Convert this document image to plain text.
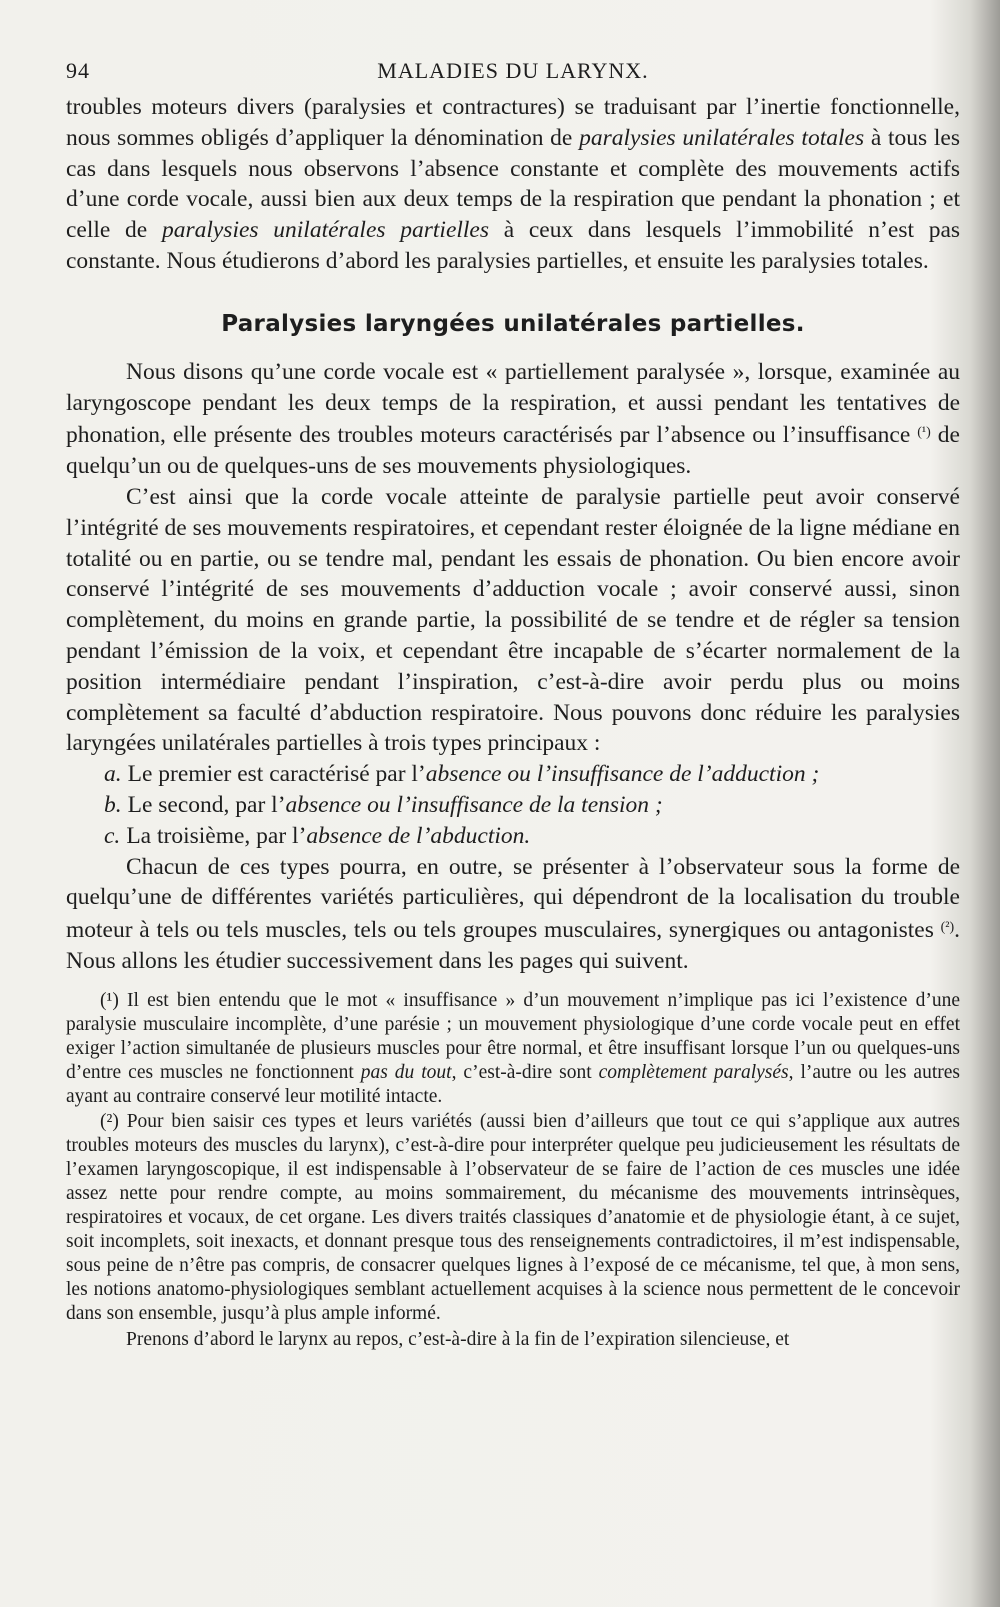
94	MALADIES DU LARYNX.

troubles moteurs divers (paralysies et contractures) se traduisant par l’inertie fonctionnelle, nous sommes obligés d’appliquer la dénomination de paralysies unilatérales totales à tous les cas dans lesquels nous observons l’absence constante et complète des mouvements actifs d’une corde vocale, aussi bien aux deux temps de la respiration que pendant la phonation ; et celle de paralysies unilatérales partielles à ceux dans lesquels l’immobilité n’est pas constante. Nous étudierons d’abord les paralysies partielles, et ensuite les paralysies totales.

Paralysies laryngées unilatérales partielles.

Nous disons qu’une corde vocale est « partiellement paralysée », lorsque, examinée au laryngoscope pendant les deux temps de la respiration, et aussi pendant les tentatives de phonation, elle présente des troubles moteurs caractérisés par l’absence ou l’insuffisance $^{(^1)}$ de quelqu’un ou de quelques-uns de ses mouvements physiologiques.

C’est ainsi que la corde vocale atteinte de paralysie partielle peut avoir conservé l’intégrité de ses mouvements respiratoires, et cependant rester éloignée de la ligne médiane en totalité ou en partie, ou se tendre mal, pendant les essais de phonation. Ou bien encore avoir conservé l’intégrité de ses mouvements d’adduction vocale ; avoir conservé aussi, sinon complètement, du moins en grande partie, la possibilité de se tendre et de régler sa tension pendant l’émission de la voix, et cependant être incapable de s’écarter normalement de la position intermédiaire pendant l’inspiration, c’est-à-dire avoir perdu plus ou moins complètement sa faculté d’abduction respiratoire. Nous pouvons donc réduire les paralysies laryngées unilatérales partielles à trois types principaux :

a. Le premier est caractérisé par l’absence ou l’insuffisance de l’adduction ;
b. Le second, par l’absence ou l’insuffisance de la tension ;
c. La troisième, par l’absence de l’abduction.

Chacun de ces types pourra, en outre, se présenter à l’observateur sous la forme de quelqu’une de différentes variétés particulières, qui dépendront de la localisation du trouble moteur à tels ou tels muscles, tels ou tels groupes musculaires, synergiques ou antagonistes $^{(^2)}$. Nous allons les étudier successivement dans les pages qui suivent.

(¹) Il est bien entendu que le mot « insuffisance » d’un mouvement n’implique pas ici l’existence d’une paralysie musculaire incomplète, d’une parésie ; un mouvement physiologique d’une corde vocale peut en effet exiger l’action simultanée de plusieurs muscles pour être normal, et être insuffisant lorsque l’un ou quelques-uns d’entre ces muscles ne fonctionnent pas du tout, c’est-à-dire sont complètement paralysés, l’autre ou les autres ayant au contraire conservé leur motilité intacte.

(²) Pour bien saisir ces types et leurs variétés (aussi bien d’ailleurs que tout ce qui s’applique aux autres troubles moteurs des muscles du larynx), c’est-à-dire pour interpréter quelque peu judicieusement les résultats de l’examen laryngoscopique, il est indispensable à l’observateur de se faire de l’action de ces muscles une idée assez nette pour rendre compte, au moins sommairement, du mécanisme des mouvements intrinsèques, respiratoires et vocaux, de cet organe. Les divers traités classiques d’anatomie et de physiologie étant, à ce sujet, soit incomplets, soit inexacts, et donnant presque tous des renseignements contradictoires, il m’est indispensable, sous peine de n’être pas compris, de consacrer quelques lignes à l’exposé de ce mécanisme, tel que, à mon sens, les notions anatomo-physiologiques semblant actuellement acquises à la science nous permettent de le concevoir dans son ensemble, jusqu’à plus ample informé.

Prenons d’abord le larynx au repos, c’est-à-dire à la fin de l’expiration silencieuse, et
